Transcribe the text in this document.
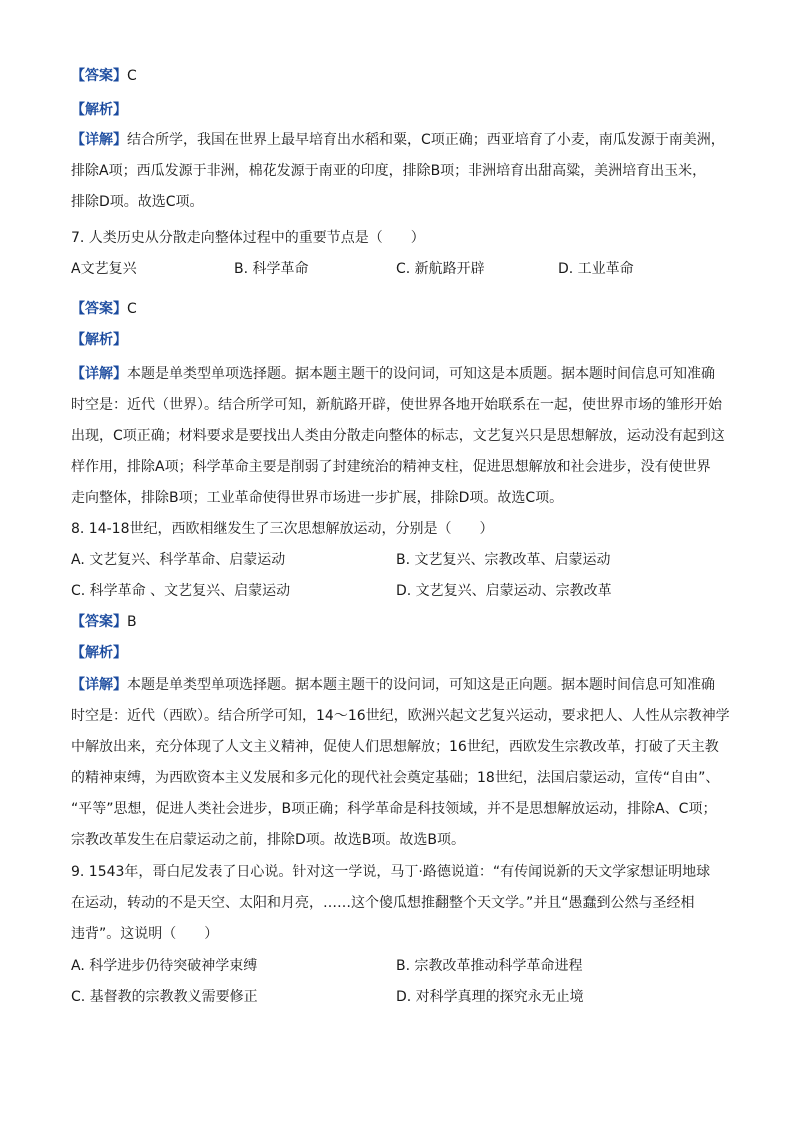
【答案】C
【解析】
【详解】结合所学，我国在世界上最早培育出水稻和粟，C项正确；西亚培育了小麦，南瓜发源于南美洲，
排除A项；西瓜发源于非洲，棉花发源于南亚的印度，排除B项；非洲培育出甜高粱，美洲培育出玉米，
排除D项。故选C项。
7. 人类历史从分散走向整体过程中的重要节点是（　　）
A文艺复兴	B. 科学革命	C. 新航路开辟	D. 工业革命
【答案】C
【解析】
【详解】本题是单类型单项选择题。据本题主题干的设问词，可知这是本质题。据本题时间信息可知准确
时空是：近代（世界）。结合所学可知，新航路开辟，使世界各地开始联系在一起，使世界市场的雏形开始
出现，C项正确；材料要求是要找出人类由分散走向整体的标志，文艺复兴只是思想解放，运动没有起到这
样作用，排除A项；科学革命主要是削弱了封建统治的精神支柱，促进思想解放和社会进步，没有使世界
走向整体，排除B项；工业革命使得世界市场进一步扩展，排除D项。故选C项。
8. 14-18世纪，西欧相继发生了三次思想解放运动，分别是（　　）
A. 文艺复兴、科学革命、启蒙运动	B. 文艺复兴、宗教改革、启蒙运动
C. 科学革命 、文艺复兴、启蒙运动	D. 文艺复兴、启蒙运动、宗教改革
【答案】B
【解析】
【详解】本题是单类型单项选择题。据本题主题干的设问词，可知这是正向题。据本题时间信息可知准确
时空是：近代（西欧）。结合所学可知，14～16世纪，欧洲兴起文艺复兴运动，要求把人、人性从宗教神学
中解放出来，充分体现了人文主义精神，促使人们思想解放；16世纪，西欧发生宗教改革，打破了天主教
的精神束缚，为西欧资本主义发展和多元化的现代社会奠定基础；18世纪，法国启蒙运动，宣传“自由”、
“平等”思想，促进人类社会进步，B项正确；科学革命是科技领域，并不是思想解放运动，排除A、C项；
宗教改革发生在启蒙运动之前，排除D项。故选B项。故选B项。
9. 1543年，哥白尼发表了日心说。针对这一学说，马丁·路德说道：“有传闻说新的天文学家想证明地球
在运动，转动的不是天空、太阳和月亮，……这个傻瓜想推翻整个天文学。”并且“愚蠢到公然与圣经相
违背”。这说明（　　）
A. 科学进步仍待突破神学束缚	B. 宗教改革推动科学革命进程
C. 基督教的宗教教义需要修正	D. 对科学真理的探究永无止境
